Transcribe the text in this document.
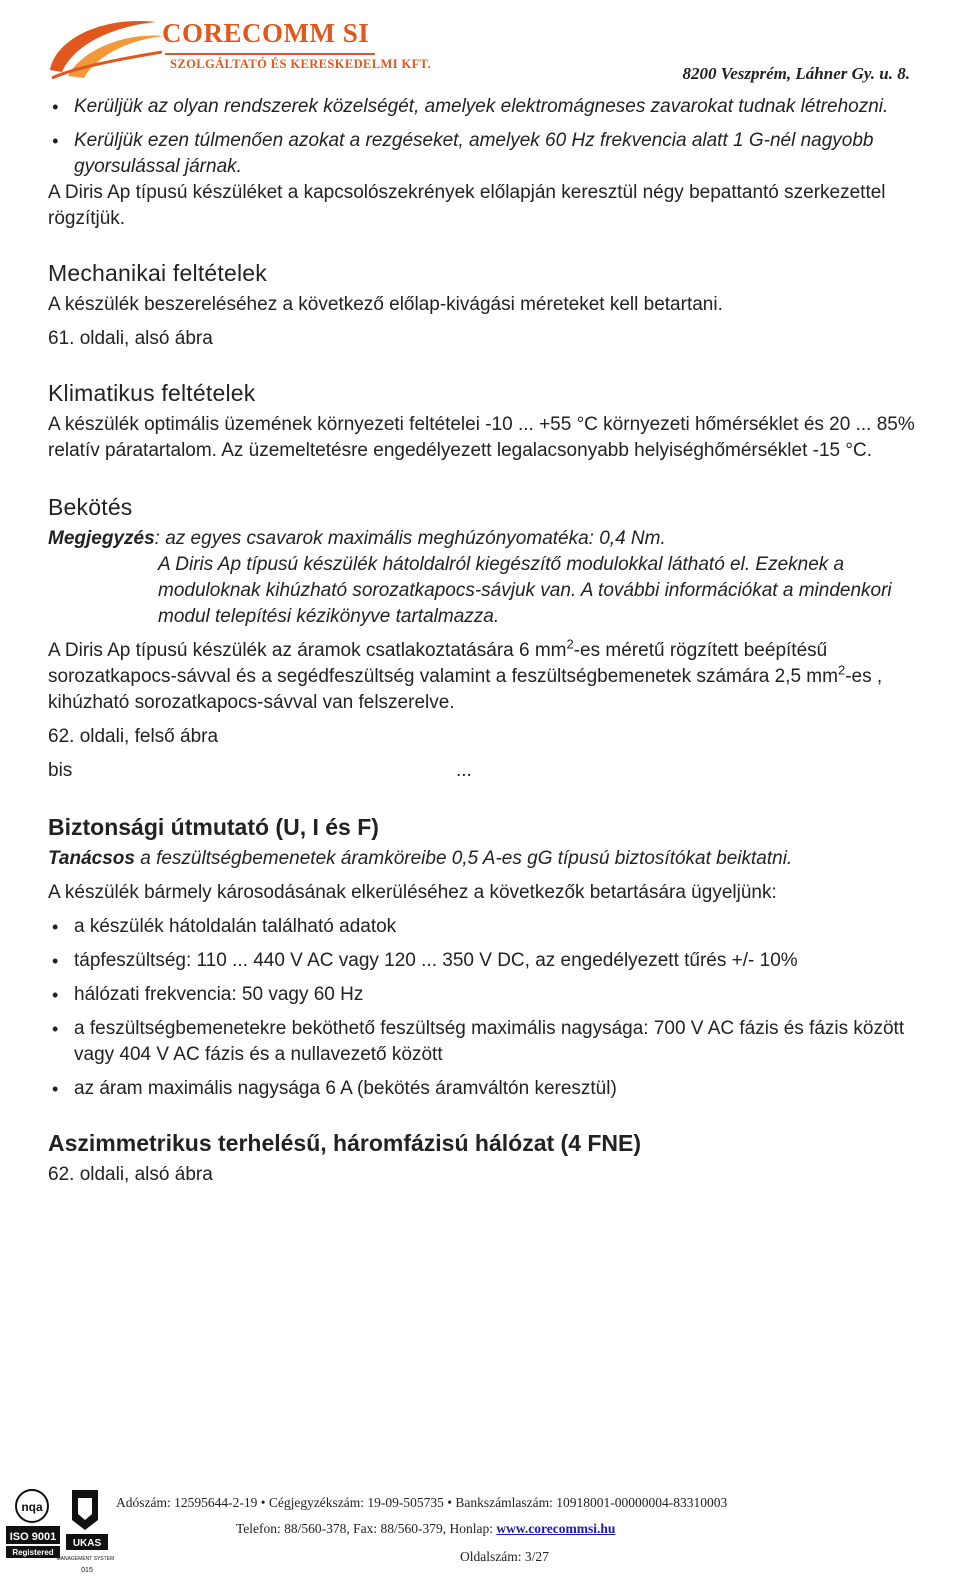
CORECOMM SI
SZOLGÁLTATÓ ÉS KERESKEDELMI KFT.	8200 Veszprém, Láhner Gy. u. 8.
• Kerüljük az olyan rendszerek közelségét, amelyek elektromágneses zavarokat tudnak létrehozni.
• Kerüljük ezen túlmenően azokat a rezgéseket, amelyek 60 Hz frekvencia alatt 1 G-nél nagyobb gyorsulással járnak.
A Diris Ap típusú készüléket a kapcsolószekrények előlapján keresztül négy bepattantó szerkezettel rögzítjük.
Mechanikai feltételek
A készülék beszereléséhez a következő előlap-kivágási méreteket kell betartani.
61. oldali, alsó ábra
Klimatikus feltételek
A készülék optimális üzemének környezeti feltételei -10 ... +55 °C környezeti hőmérséklet és 20 ... 85% relatív páratartalom. Az üzemeltetésre engedélyezett legalacsonyabb helyiséghőmérséklet -15 °C.
Bekötés
Megjegyzés: az egyes csavarok maximális meghúzónyomatéka: 0,4 Nm.
A Diris Ap típusú készülék hátoldalról kiegészítő modulokkal látható el. Ezeknek a moduloknak kihúzható sorozatkapocs-sávjuk van. A további információkat a mindenkori modul telepítési kézikönyve tartalmazza.
A Diris Ap típusú készülék az áramok csatlakoztatására 6 $mm^2-es$ méretű rögzített beépítésű sorozatkapocs-sávval és a segédfeszültség valamint a feszültségbemenetek számára 2,5 $mm^2-es$ , kihúzható sorozatkapocs-sávval van felszerelve.
62. oldali, felső ábra
bis	...
Biztonsági útmutató (U, I és F)
Tanácsos a feszültségbemenetek áramköreibe 0,5 A-es gG típusú biztosítókat beiktatni.
A készülék bármely károsodásának elkerüléséhez a következők betartására ügyeljünk:
• a készülék hátoldalán található adatok
• tápfeszültség: 110 ... 440 V AC vagy 120 ... 350 V DC, az engedélyezett tűrés +/- 10%
• hálózati frekvencia: 50 vagy 60 Hz
• a feszültségbemenetekre beköthető feszültség maximális nagysága: 700 V AC fázis és fázis között vagy 404 V AC fázis és a nullavezető között
• az áram maximális nagysága 6 A (bekötés áramváltón keresztül)
Aszimmetrikus terhelésű, háromfázisú hálózat (4 FNE)
62. oldali, alsó ábra
nqa
ISO 9001
Registered
UKAS
MANAGEMENT SYSTEMS
015
Adószám: 12595644-2-19 • Cégjegyzékszám: 19-09-505735 • Bankszámlaszám: 10918001-00000004-83310003
Telefon: 88/560-378, Fax: 88/560-379, Honlap: www.corecommsi.hu
Oldalszám: 3/27
